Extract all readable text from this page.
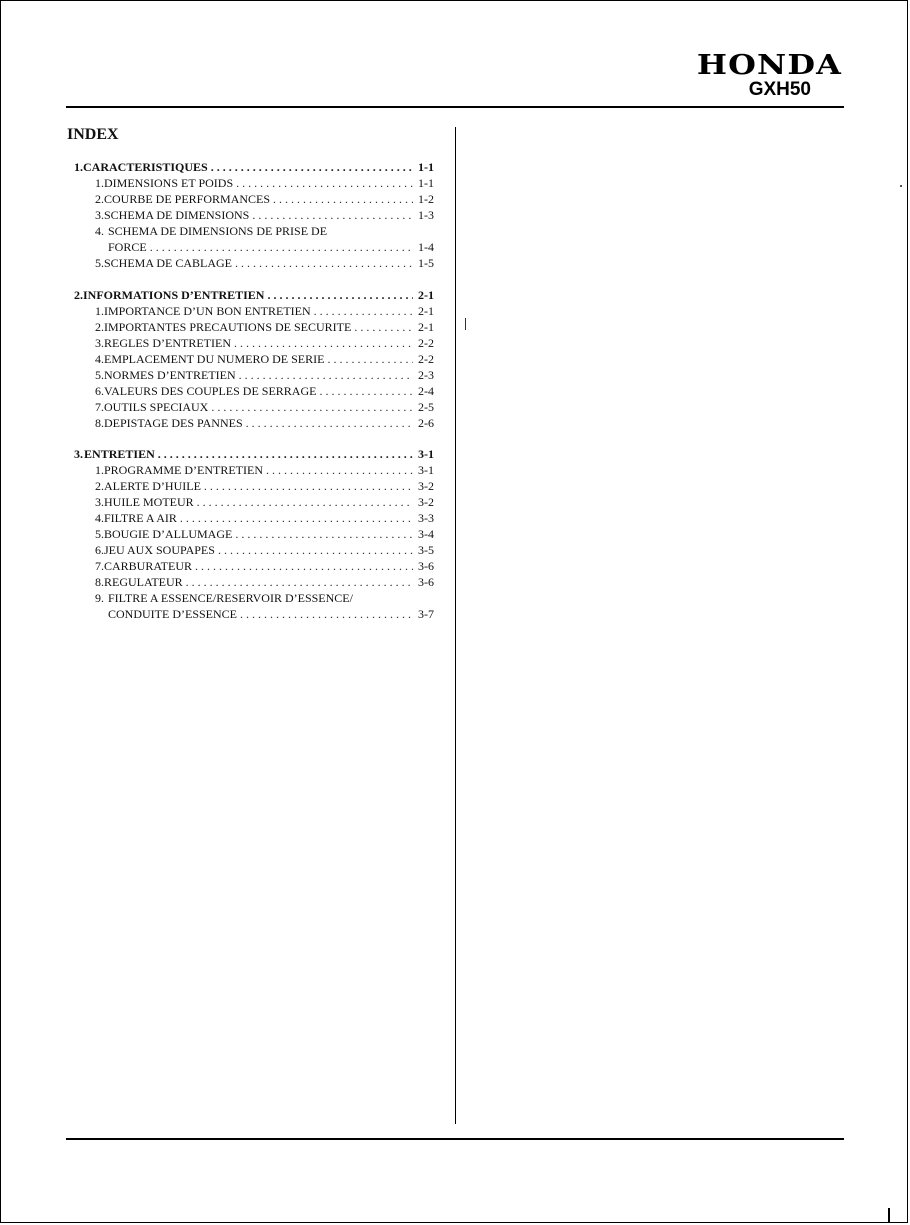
HONDA
GXH50
INDEX
1. CARACTERISTIQUES . . .	1-1
1. DIMENSIONS ET POIDS . . .	1-1
2. COURBE DE PERFORMANCES . . .	1-2
3. SCHEMA DE DIMENSIONS . . .	1-3
4. SCHEMA DE DIMENSIONS DE PRISE DE
FORCE . . .	1-4
5. SCHEMA DE CABLAGE . . .	1-5
2. INFORMATIONS D’ENTRETIEN . . .	2-1
1. IMPORTANCE D’UN BON ENTRETIEN . . .	2-1
2. IMPORTANTES PRECAUTIONS DE SECURITE . . .	2-1
3. REGLES D’ENTRETIEN . . .	2-2
4. EMPLACEMENT DU NUMERO DE SERIE . . .	2-2
5. NORMES D’ENTRETIEN . . .	2-3
6. VALEURS DES COUPLES DE SERRAGE . . .	2-4
7. OUTILS SPECIAUX . . .	2-5
8. DEPISTAGE DES PANNES . . .	2-6
3. ENTRETIEN . . .	3-1
1. PROGRAMME D’ENTRETIEN . . .	3-1
2. ALERTE D’HUILE . . .	3-2
3. HUILE MOTEUR . . .	3-2
4. FILTRE A AIR . . .	3-3
5. BOUGIE D’ALLUMAGE . . .	3-4
6. JEU AUX SOUPAPES . . .	3-5
7. CARBURATEUR . . .	3-6
8. REGULATEUR . . .	3-6
9. FILTRE A ESSENCE/RESERVOIR D’ESSENCE/
CONDUITE D’ESSENCE . . .	3-7
